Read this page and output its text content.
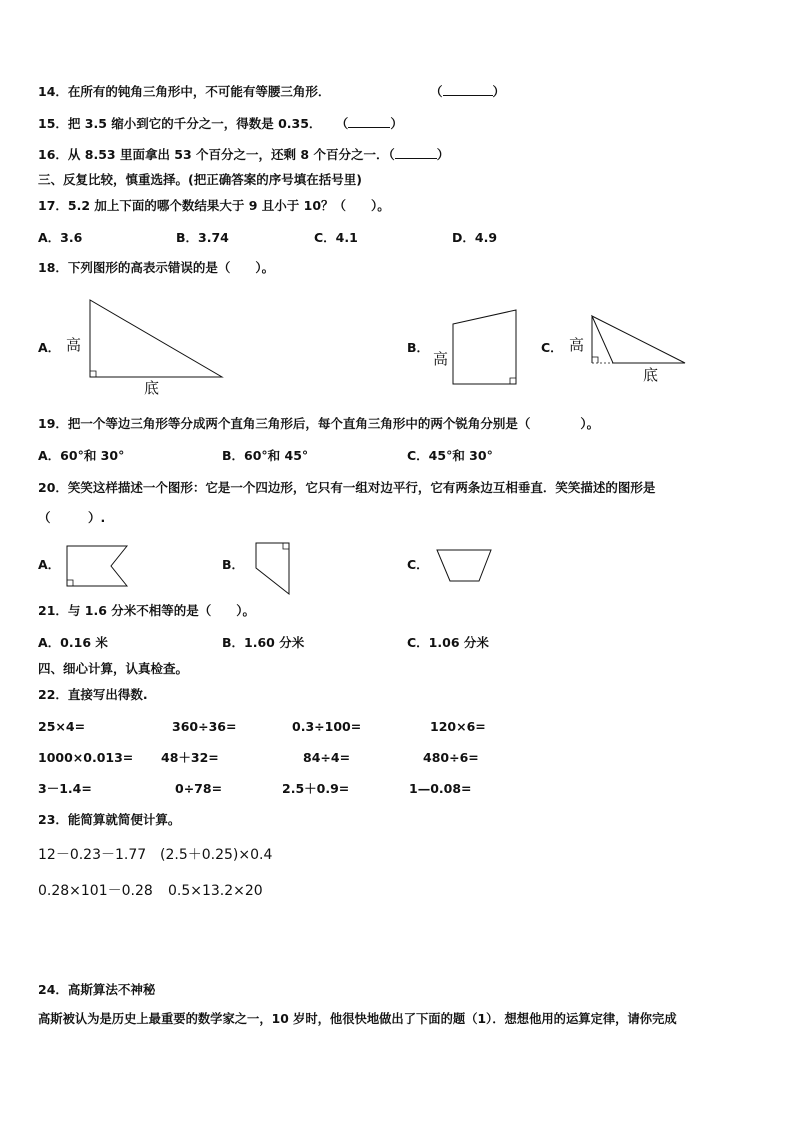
14．在所有的钝角三角形中，不可能有等腰三角形．	（	）
15．把 3.5 缩小到它的千分之一，得数是 0.35． （	）
16．从 8.53 里面拿出 53 个百分之一，还剩 8 个百分之一．（	）
三、反复比较，慎重选择。(把正确答案的序号填在括号里)
17．5.2 加上下面的哪个数结果大于 9 且小于 10？（　　）。
A．3.6	B．3.74	C．4.1	D．4.9
18．下列图形的高表示错误的是（　　）。
A．	B．	C．
高
底
高
高
底
19．把一个等边三角形等分成两个直角三角形后，每个直角三角形中的两个锐角分别是（　　　　）。
A．60°和 30°	B．60°和 45°	C．45°和 30°
20．笑笑这样描述一个图形：它是一个四边形，它只有一组对边平行，它有两条边互相垂直．笑笑描述的图形是
（　　　）.
A．	B．	C．
21．与 1.6 分米不相等的是（　　）。
A．0.16 米	B．1.60 分米	C．1.06 分米
四、细心计算，认真检查。
22．直接写出得数.
25×4=	360÷36=	0.3÷100=	120×6=
1000×0.013= 48＋32=	84÷4=	480÷6=
3－1.4=	0÷78=	2.5＋0.9=	1—0.08=
23．能简算就简便计算。
12－0.23－1.77 (2.5＋0.25)×0.4
0.28×101－0.28 0.5×13.2×20
24．高斯算法不神秘
高斯被认为是历史上最重要的数学家之一，10 岁时，他很快地做出了下面的题（1）．想想他用的运算定律，请你完成
